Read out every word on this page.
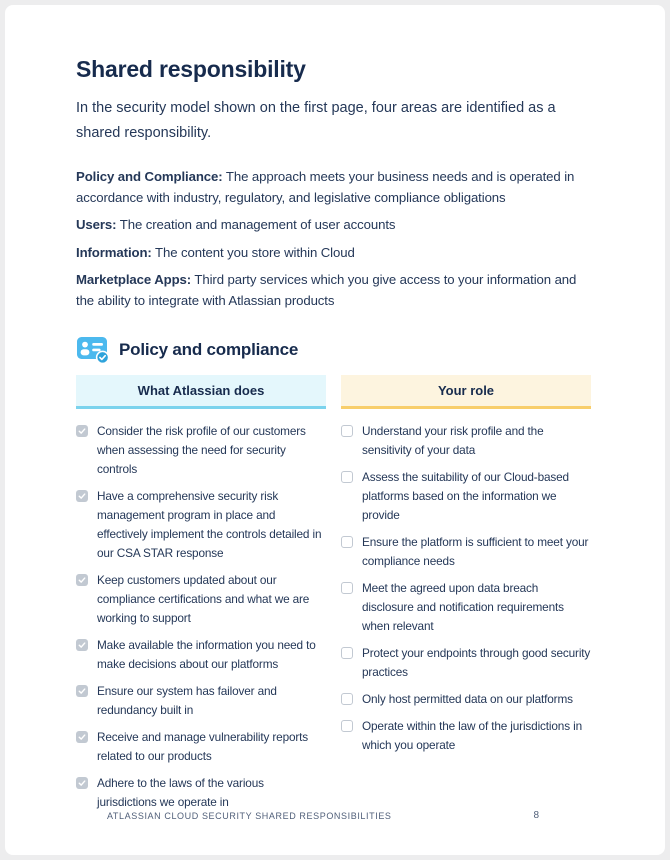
Shared responsibility

In the security model shown on the first page, four areas are identified as a shared responsibility.

Policy and Compliance: The approach meets your business needs and is operated in accordance with industry, regulatory, and legislative compliance obligations

Users: The creation and management of user accounts

Information: The content you store within Cloud

Marketplace Apps: Third party services which you give access to your information and the ability to integrate with Atlassian products

Policy and compliance
What Atlassian does	Your role
Consider the risk profile of our customers when assessing the need for security controls
Have a comprehensive security risk management program in place and effectively implement the controls detailed in our CSA STAR response
Keep customers updated about our compliance certifications and what we are working to support
Make available the information you need to make decisions about our platforms
Ensure our system has failover and redundancy built in
Receive and manage vulnerability reports related to our products
Adhere to the laws of the various jurisdictions we operate in
Understand your risk profile and the sensitivity of your data
Assess the suitability of our Cloud-based platforms based on the information we provide
Ensure the platform is sufficient to meet your compliance needs
Meet the agreed upon data breach disclosure and notification requirements when relevant
Protect your endpoints through good security practices
Only host permitted data on our platforms
Operate within the law of the jurisdictions in which you operate
ATLASSIAN CLOUD SECURITY SHARED RESPONSIBILITIES	8
